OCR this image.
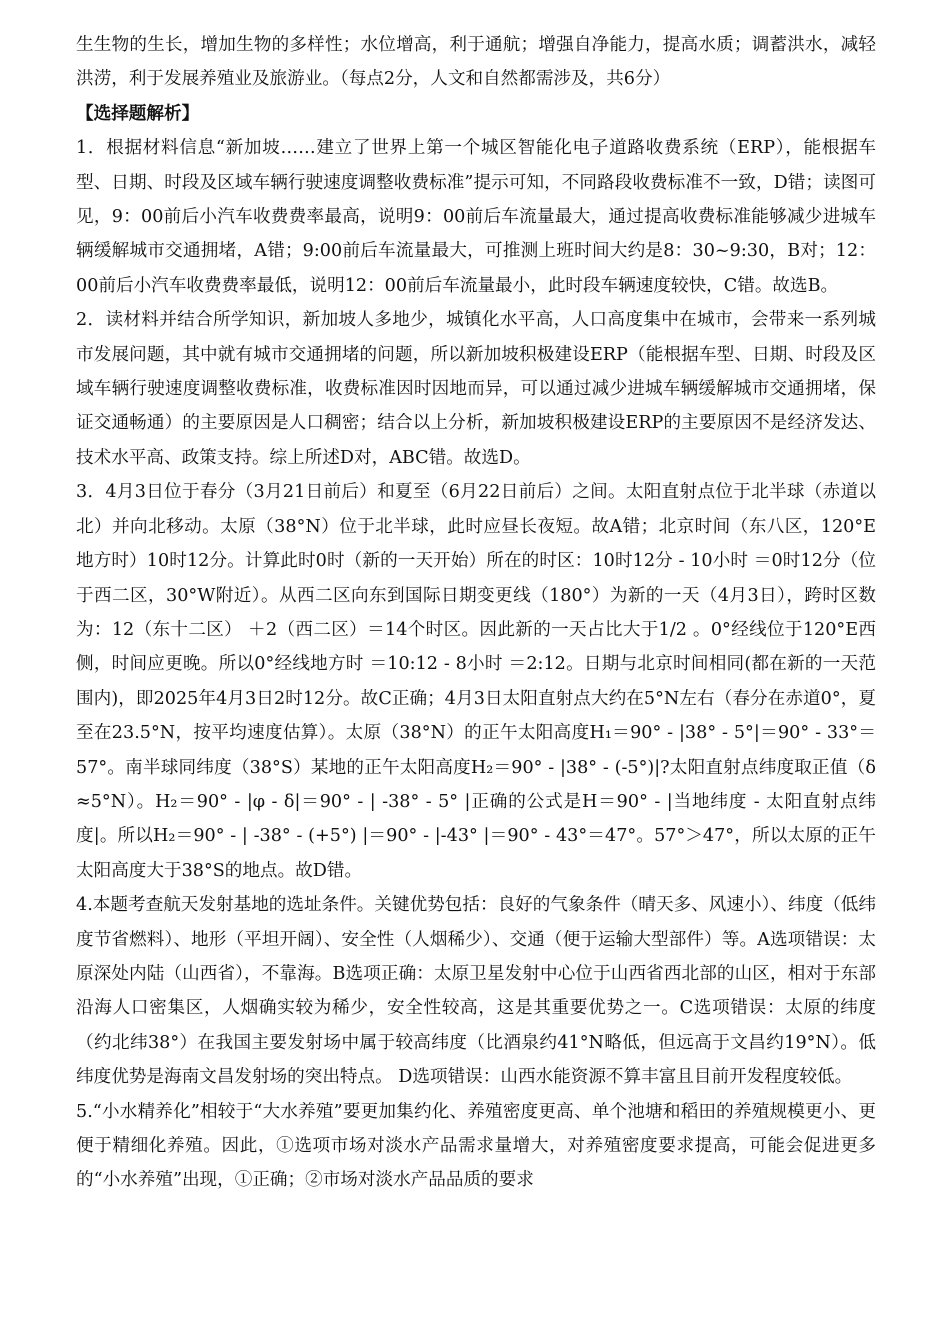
生生物的生长，增加生物的多样性；水位增高，利于通航；增强自净能力，提高水质；调蓄洪水，减轻洪涝，利于发展养殖业及旅游业。（每点2分，人文和自然都需涉及，共6分）

【选择题解析】

1．根据材料信息“新加坡……建立了世界上第一个城区智能化电子道路收费系统（ERP），能根据车型、日期、时段及区域车辆行驶速度调整收费标准”提示可知，不同路段收费标准不一致，D错；读图可见，9：00前后小汽车收费费率最高，说明9：00前后车流量最大，通过提高收费标准能够减少进城车辆缓解城市交通拥堵，A错；9:00前后车流量最大，可推测上班时间大约是8：30~9:30，B对；12：00前后小汽车收费费率最低，说明12：00前后车流量最小，此时段车辆速度较快，C错。故选B。

2．读材料并结合所学知识，新加坡人多地少，城镇化水平高，人口高度集中在城市，会带来一系列城市发展问题，其中就有城市交通拥堵的问题，所以新加坡积极建设ERP（能根据车型、日期、时段及区域车辆行驶速度调整收费标准，收费标准因时因地而异，可以通过减少进城车辆缓解城市交通拥堵，保证交通畅通）的主要原因是人口稠密；结合以上分析，新加坡积极建设ERP的主要原因不是经济发达、技术水平高、政策支持。综上所述D对，ABC错。故选D。

3．4月3日位于春分（3月21日前后）和夏至（6月22日前后）之间。太阳直射点位于北半球（赤道以北）并向北移动。太原（38°N）位于北半球，此时应昼长夜短。故A错；北京时间（东八区，120°E地方时）10时12分。计算此时0时（新的一天开始）所在的时区：10时12分 - 10小时 ＝0时12分（位于西二区，30°W附近）。从西二区向东到国际日期变更线（180°）为新的一天（4月3日），跨时区数为：12（东十二区） ＋2（西二区）＝14个时区。因此新的一天占比大于1/2 。0°经线位于120°E西侧，时间应更晚。所以0°经线地方时 ＝10:12 - 8小时 ＝2:12。日期与北京时间相同(都在新的一天范围内)，即2025年4月3日2时12分。故C正确；4月3日太阳直射点大约在5°N左右（春分在赤道0°，夏至在23.5°N，按平均速度估算）。太原（38°N）的正午太阳高度H₁＝90° - |38° - 5°|＝90° - 33°＝57°。南半球同纬度（38°S）某地的正午太阳高度H₂＝90° - |38° - (-5°)|?太阳直射点纬度取正值（δ≈5°N）。H₂＝90° - |φ - δ|＝90° - | -38° - 5° |正确的公式是H＝90° - |当地纬度 - 太阳直射点纬度|。所以H₂＝90° - | -38° - (+5°) |＝90° - |-43° |＝90° - 43°＝47°。57°＞47°，所以太原的正午太阳高度大于38°S的地点。故D错。

4.本题考查航天发射基地的选址条件。关键优势包括：良好的气象条件（晴天多、风速小）、纬度（低纬度节省燃料）、地形（平坦开阔）、安全性（人烟稀少）、交通（便于运输大型部件）等。A选项错误：太原深处内陆（山西省），不靠海。B选项正确：太原卫星发射中心位于山西省西北部的山区，相对于东部沿海人口密集区，人烟确实较为稀少，安全性较高，这是其重要优势之一。C选项错误：太原的纬度（约北纬38°）在我国主要发射场中属于较高纬度（比酒泉约41°N略低，但远高于文昌约19°N）。低纬度优势是海南文昌发射场的突出特点。 D选项错误：山西水能资源不算丰富且目前开发程度较低。

5.“小水精养化”相较于“大水养殖”要更加集约化、养殖密度更高、单个池塘和稻田的养殖规模更小、更便于精细化养殖。因此，①选项市场对淡水产品需求量增大，对养殖密度要求提高，可能会促进更多的“小水养殖”出现，①正确；②市场对淡水产品品质的要求
